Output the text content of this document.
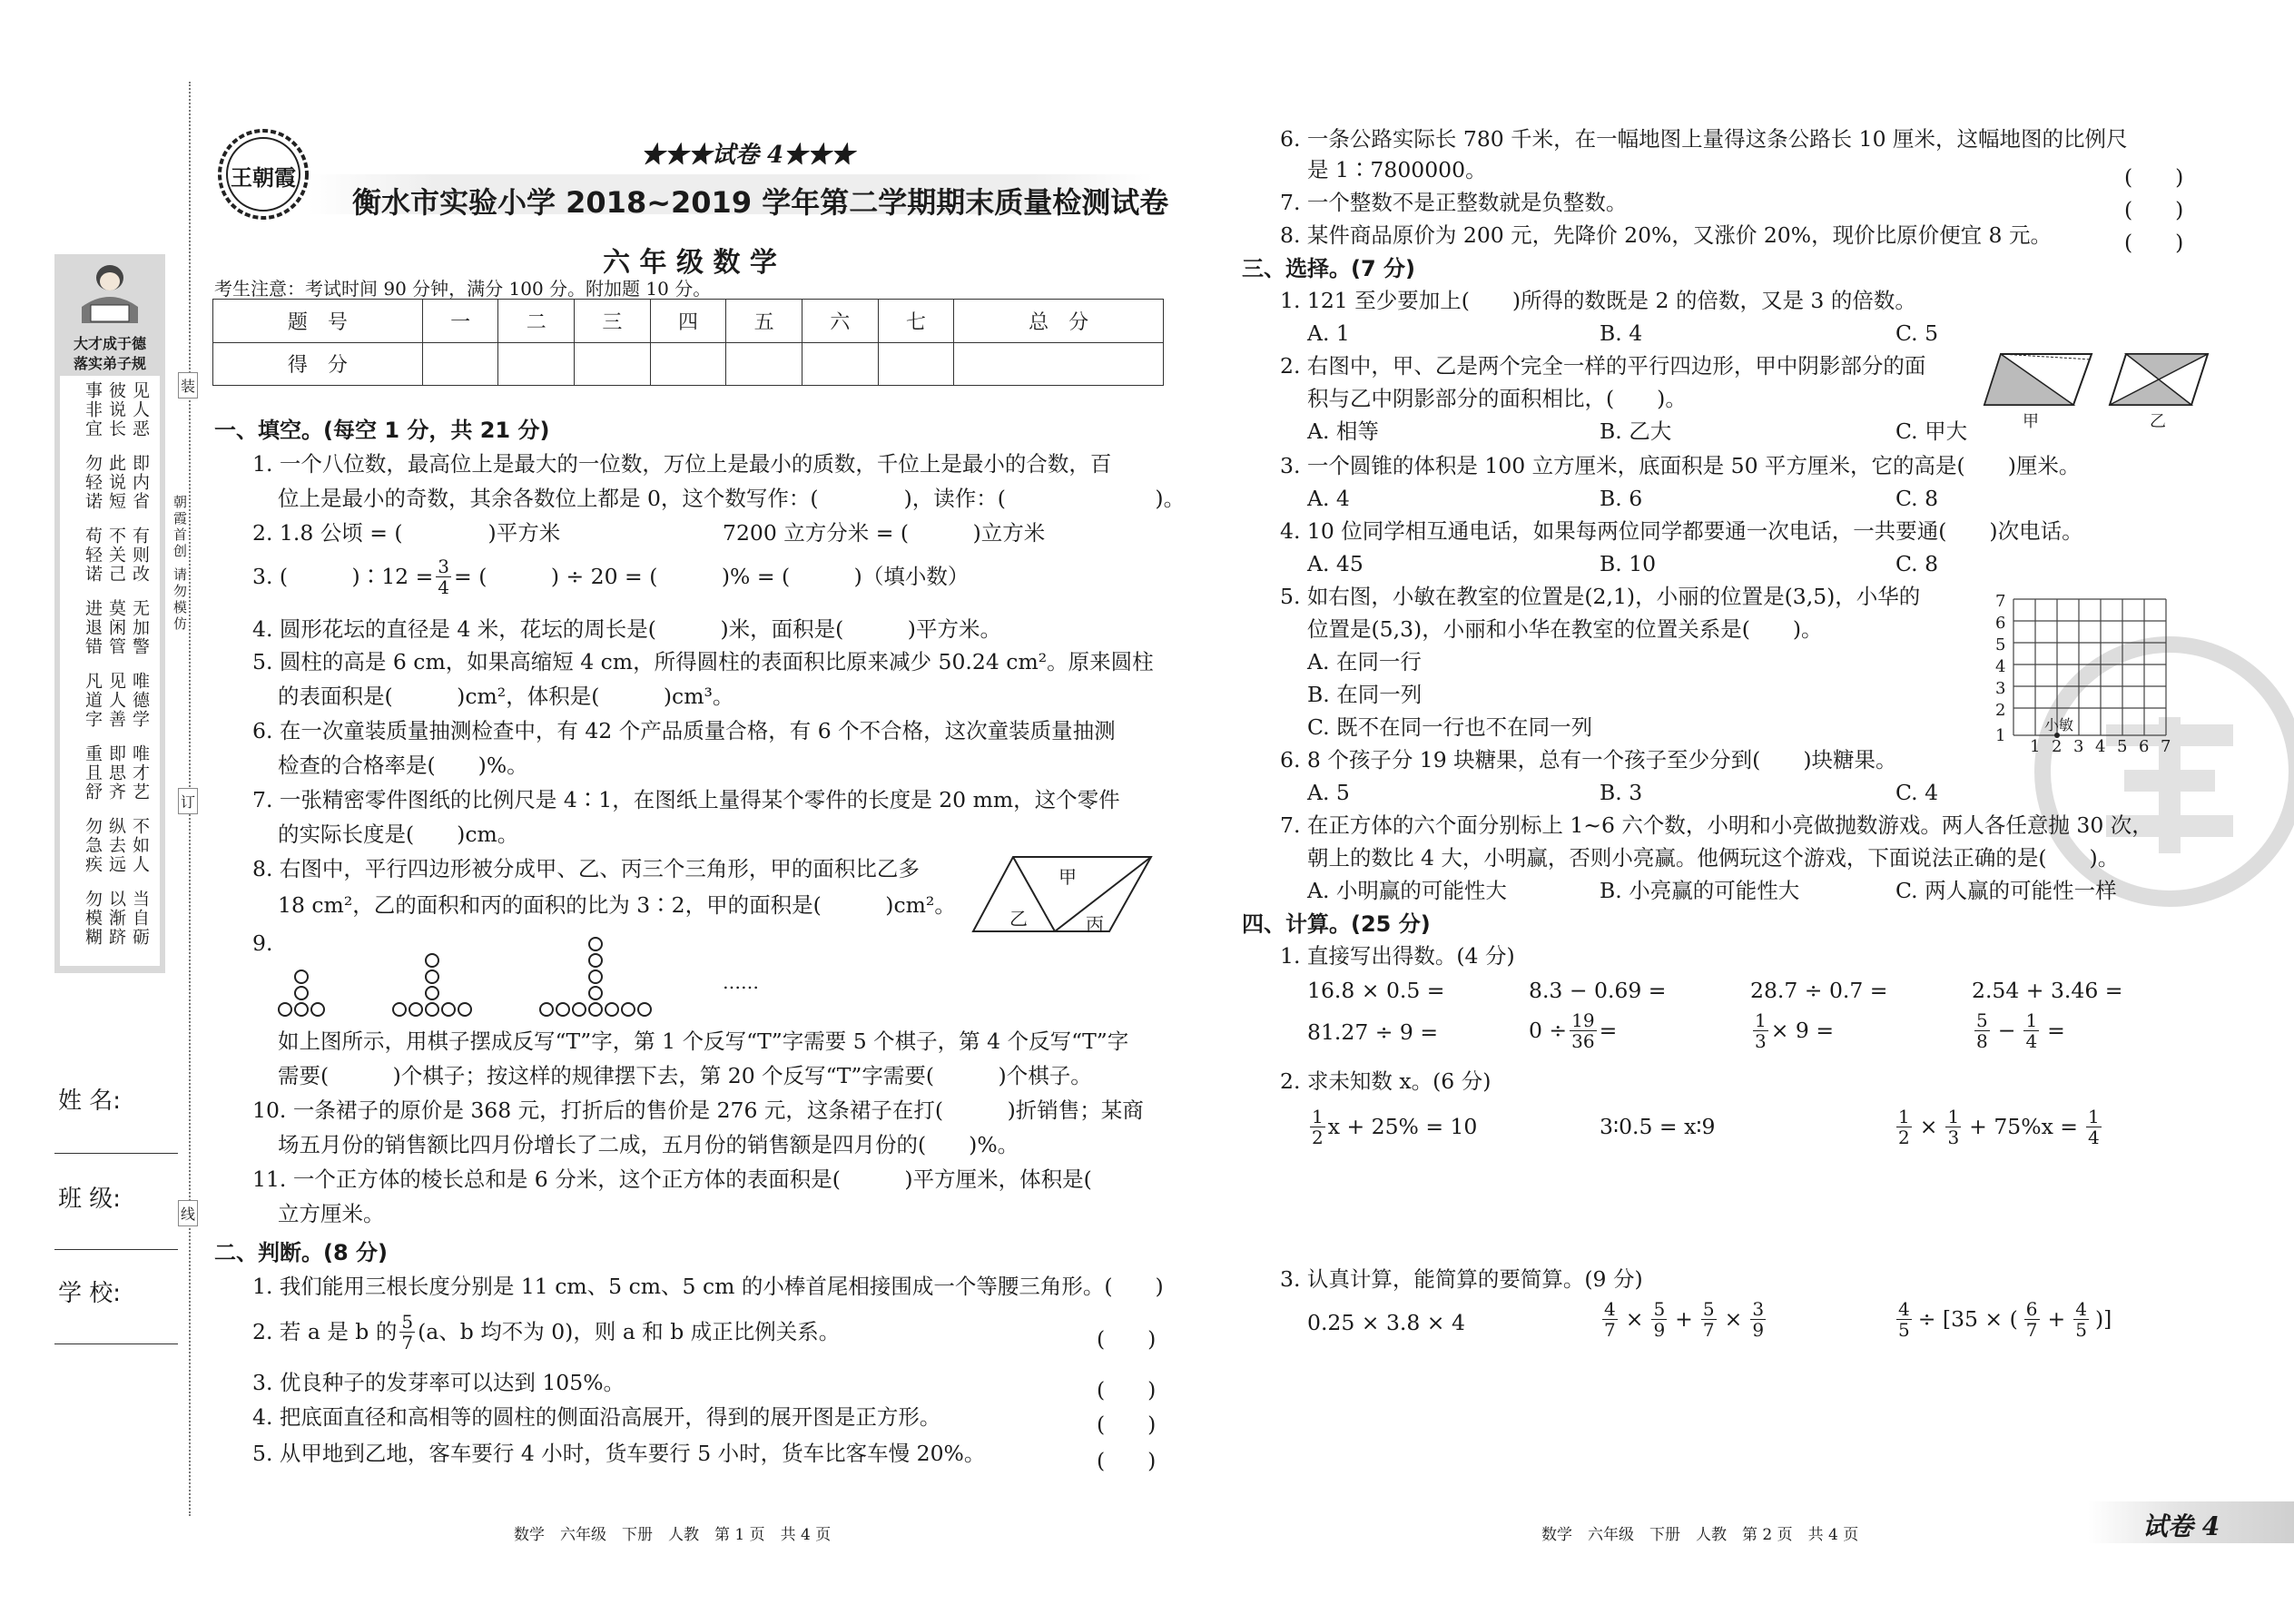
大才成于德
落实弟子规
见人恶
彼说长
事非宜
即内省
此说短
勿轻诺
有则改
不关己
苟轻诺
无加警
莫闲管
进退错
唯德学
见人善
凡道字
唯才艺
即思齐
重且舒
不如人
纵去远
勿急疾
当自砺
以渐跻
勿模糊
装
订
线
朝霞首创 请勿模仿
姓 名:
班 级:
学 校:
王朝霞
★★★试卷 4★★★
衡水市实验小学 2018~2019 学年第二学期期末质量检测试卷
六 年 级 数 学
考生注意：考试时间 90 分钟，满分 100 分。附加题 10 分。
题　号	一	二	三	四	五	六	七	总　分
得　分								
一、填空。(每空 1 分，共 21 分)
1. 一个八位数，最高位上是最大的一位数，万位上是最小的质数，千位上是最小的合数，百
位上是最小的奇数，其余各数位上都是 0，这个数写作：(　　　　)，读作：(　　　　　　　)。
2. 1.8 公顷 = (　　　　)平方米	7200 立方分米 = (　　　)立方米
3. (　　　)∶12 = $\frac{3}{4}$ = (　　　) ÷ 20 = (　　　)% = (　　　)（填小数）
4. 圆形花坛的直径是 4 米，花坛的周长是(　　　)米，面积是(　　　)平方米。
5. 圆柱的高是 6 cm，如果高缩短 4 cm，所得圆柱的表面积比原来减少 50.24 cm²。原来圆柱
的表面积是(　　　)cm²，体积是(　　　)cm³。
6. 在一次童装质量抽测检查中，有 42 个产品质量合格，有 6 个不合格，这次童装质量抽测
检查的合格率是(　　)%。
7. 一张精密零件图纸的比例尺是 4∶1，在图纸上量得某个零件的长度是 20 mm，这个零件
的实际长度是(　　)cm。
8. 右图中，平行四边形被分成甲、乙、丙三个三角形，甲的面积比乙多
18 cm²，乙的面积和丙的面积的比为 3∶2，甲的面积是(　　　)cm²。
甲
乙	丙
9.
……
如上图所示，用棋子摆成反写“T”字，第 1 个反写“T”字需要 5 个棋子，第 4 个反写“T”字
需要(　　　)个棋子；按这样的规律摆下去，第 20 个反写“T”字需要(　　　)个棋子。
10. 一条裙子的原价是 368 元，打折后的售价是 276 元，这条裙子在打(　　　)折销售；某商
场五月份的销售额比四月份增长了二成，五月份的销售额是四月份的(　　)%。
11. 一个正方体的棱长总和是 6 分米，这个正方体的表面积是(　　　)平方厘米，体积是(　　
立方厘米。
二、判断。(8 分)
1. 我们能用三根长度分别是 11 cm、5 cm、5 cm 的小棒首尾相接围成一个等腰三角形。(　　)
2. 若 a 是 b 的 $\frac{5}{7} (a$、b 均不为 0)，则 a 和 b 成正比例关系。	(　　)
3. 优良种子的发芽率可以达到 105%。	(　　)
4. 把底面直径和高相等的圆柱的侧面沿高展开，得到的展开图是正方形。	(　　)
5. 从甲地到乙地，客车要行 4 小时，货车要行 5 小时，货车比客车慢 20%。	(　　)
数学　六年级　下册　人教　第 1 页　共 4 页
6. 一条公路实际长 780 千米，在一幅地图上量得这条公路长 10 厘米，这幅地图的比例尺
是 1∶7800000。	(　　)
7. 一个整数不是正整数就是负整数。	(　　)
8. 某件商品原价为 200 元，先降价 20%，又涨价 20%，现价比原价便宜 8 元。	(　　)
三、选择。(7 分)
1. 121 至少要加上(　　)所得的数既是 2 的倍数，又是 3 的倍数。
A. 1	B. 4	C. 5
2. 右图中，甲、乙是两个完全一样的平行四边形，甲中阴影部分的面
积与乙中阴影部分的面积相比，(　　)。
甲	乙
A. 相等	B. 乙大	C. 甲大
3. 一个圆锥的体积是 100 立方厘米，底面积是 50 平方厘米，它的高是(　　)厘米。
A. 4	B. 6	C. 8
4. 10 位同学相互通电话，如果每两位同学都要通一次电话，一共要通(　　)次电话。
A. 45	B. 10	C. 8
5. 如右图，小敏在教室的位置是(2,1)，小丽的位置是(3,5)，小华的
位置是(5,3)，小丽和小华在教室的位置关系是(　　)。
A. 在同一行
B. 在同一列
C. 既不在同一行也不在同一列
7
6
5
4
3
2
1
1 2 3 4 5 6 7
小敏
6. 8 个孩子分 19 块糖果，总有一个孩子至少分到(　　)块糖果。
A. 5	B. 3	C. 4
7. 在正方体的六个面分别标上 1~6 六个数，小明和小亮做抛数游戏。两人各任意抛 30 次，
朝上的数比 4 大，小明赢，否则小亮赢。他俩玩这个游戏，下面说法正确的是(　　)。
A. 小明赢的可能性大	B. 小亮赢的可能性大	C. 两人赢的可能性一样
四、计算。(25 分)
1. 直接写出得数。(4 分)
16.8 × 0.5 =	8.3 − 0.69 =	28.7 ÷ 0.7 =	2.54 + 3.46 =
81.27 ÷ 9 =	$0 \div \frac{19}{36}$ =	$\frac{1}{3} \times 9$ =	$\frac{5}{8} - \frac{1}{4}$ =
2. 求未知数 x。(6 分)
$\frac{1}{2}$ x + 25% = 10	3∶0.5 = x∶9	$\frac{1}{2} \times \frac{1}{3} + 75\%x = \frac{1}{4}$
3. 认真计算，能简算的要简算。(9 分)
0.25 × 3.8 × 4	$\frac{4}{7} \times \frac{5}{9} + \frac{5}{7} \times \frac{3}{9}$	$\frac{4}{5} \div [35$ × ( $\frac{6}{7} + \frac{4}{5}$ )]
数学　六年级　下册　人教　第 2 页　共 4 页	试卷 4
